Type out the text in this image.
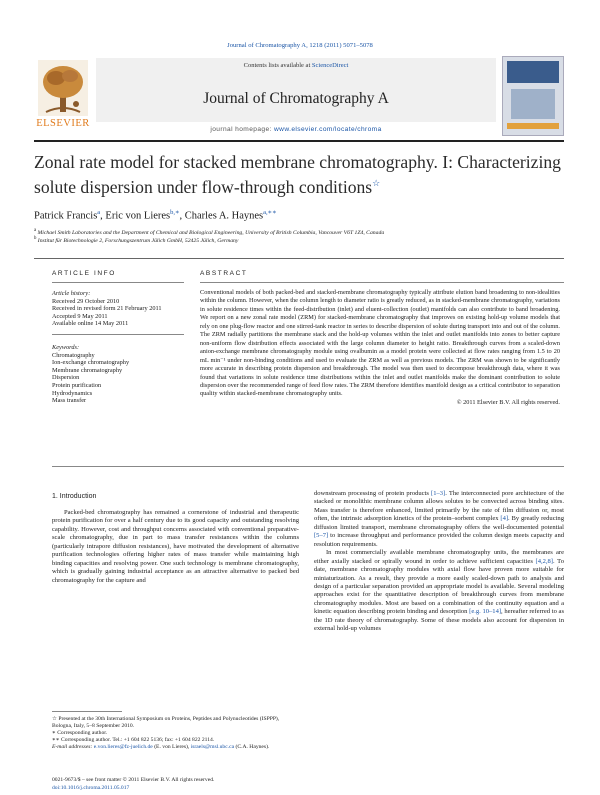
Journal of Chromatography A, 1218 (2011) 5071–5078
ELSEVIER
Contents lists available at ScienceDirect
Journal of Chromatography A
journal homepage: www.elsevier.com/locate/chroma
Zonal rate model for stacked membrane chromatography. I: Characterizing solute dispersion under flow-through conditions☆
Patrick Francis$^a$, Eric von Lieres$^{b,∗}$, Charles A. Haynes$^{a,∗∗}$
$^a$ Michael Smith Laboratories and the Department of Chemical and Biological Engineering, University of British Columbia, Vancouver V6T 1Z4, Canada
$^b$ Institut für Biotechnologie 2, Forschungszentrum Jülich GmbH, 52425 Jülich, Germany
ARTICLE INFO	ABSTRACT
Article history:
Received 29 October 2010
Received in revised form 21 February 2011
Accepted 9 May 2011
Available online 14 May 2011
Keywords:
Chromatography
Ion-exchange chromatography
Membrane chromatography
Dispersion
Protein purification
Hydrodynamics
Mass transfer
Conventional models of both packed-bed and stacked-membrane chromatography typically attribute elution band broadening to non-idealities within the column. However, when the column length to diameter ratio is greatly reduced, as in stacked-membrane chromatography, variations in solute residence times within the feed-distribution (inlet) and eluent-collection (outlet) manifolds can also contribute to band broadening. We report on a new zonal rate model (ZRM) for stacked-membrane chromatography that improves on existing hold-up volume models that rely on one plug-flow reactor and one stirred-tank reactor in series to describe dispersion of solute during transport into and out of the column. The ZRM radially partitions the membrane stack and the hold-up volumes within the inlet and outlet manifolds into zones to better capture non-uniform flow distribution effects associated with the large column diameter to height ratio. Breakthrough curves from a scaled-down anion-exchange membrane chromatography module using ovalbumin as a model protein were collected at flow rates ranging from 1.5 to 20 mL min⁻¹ under non-binding conditions and used to evaluate the ZRM as well as previous models. The ZRM was shown to be significantly more accurate in describing protein dispersion and breakthrough. The model was then used to decompose breakthrough data, where it was found that variations in solute residence time distributions within the inlet and outlet manifolds make the dominant contribution to solute dispersion over the recommended range of feed flow rates. The ZRM therefore identifies manifold design as a critical contributor to separation quality within stacked-membrane chromatography units.
© 2011 Elsevier B.V. All rights reserved.
1. Introduction

Packed-bed chromatography has remained a cornerstone of industrial and therapeutic protein purification for over a half century due to its good capacity and outstanding resolving capability. However, cost and throughput concerns associated with conventional preparative-scale chromatography, due in part to mass transfer resistances within the columns (particularly intrapore diffusion resistances), have motivated the development of alternative purification technologies offering higher rates of mass transfer while maintaining high binding capacities and resolving power. One such technology is membrane chromatography, which is gradually gaining industrial acceptance as an attractive alternative to packed bed chromatography for the capture and

downstream processing of protein products [1–3]. The interconnected pore architecture of the stacked or monolithic membrane column allows solutes to be convected across binding sites. Mass transfer is therefore enhanced, limited primarily by the rate of film diffusion or, most often, the intrinsic adsorption kinetics of the protein–sorbent complex [4]. By greatly reducing diffusion limited transport, membrane chromatography offers the well-documented potential [5–7] to increase throughput and performance provided the column design meets capacity and resolution requirements.

In most commercially available membrane chromatography units, the membranes are either axially stacked or spirally wound in order to achieve sufficient capacities [4,2,8]. To date, membrane chromatography modules with axial flow have proven more suitable for miniaturization. As a result, they provide a more easily scaled-down path to analysis and design of a particular separation provided an appropriate model is available. Several modeling approaches exist for the quantitative description of breakthrough curves from membrane chromatography modules. Most are based on a combination of the continuity equation and a kinetic equation describing protein binding and desorption [e.g. 10–14], hereafter referred to as the 1D rate theory of chromatography. Some of these models also account for dispersion in external hold-up volumes

☆ Presented at the 30th International Symposium on Proteins, Peptides and Polynucleotides (ISPPP), Bologna, Italy, 5–8 September 2010.
∗ Corresponding author.
∗∗ Corresponding author. Tel.: +1 604 822 5136; fax: +1 604 822 2114.
E-mail addresses: e.von.lieres@fz-juelich.de (E. von Lieres), israels@msl.ubc.ca (C.A. Haynes).
0021-9673/$ – see front matter © 2011 Elsevier B.V. All rights reserved.
doi:10.1016/j.chroma.2011.05.017
